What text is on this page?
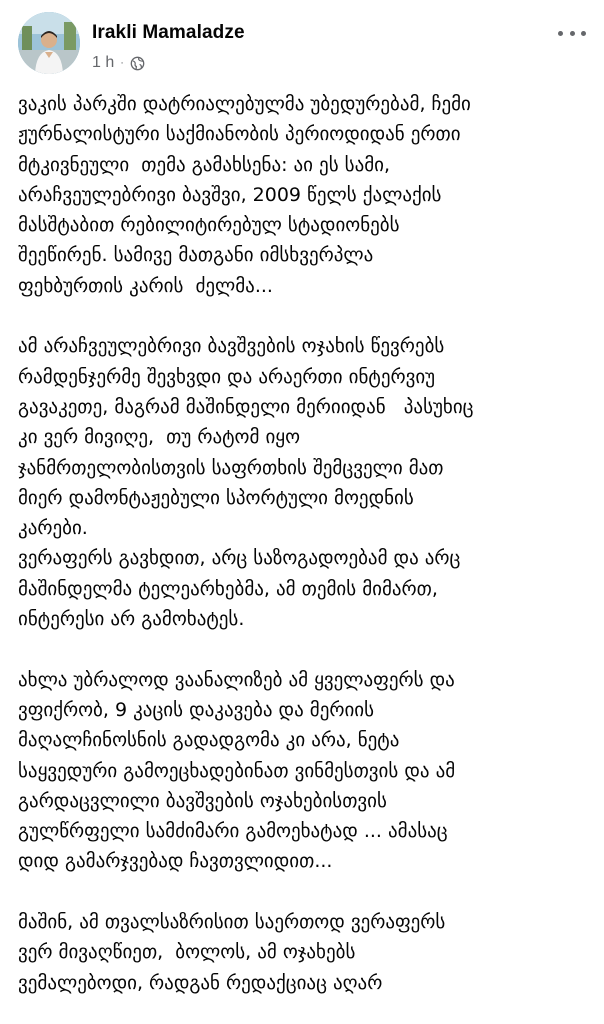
Irakli Mamaladze
1 h ·
ვაკის პარკში დატრიალებულმა უბედურებამ, ჩემი
ჟურნალისტური საქმიანობის პერიოდიდან ერთი
მტკივნეული  თემა გამახსენა: აი ეს სამი,
არაჩვეულებრივი ბავშვი, 2009 წელს ქალაქის
მასშტაბით რებილიტირებულ სტადიონებს
შეეწირენ. სამივე მათგანი იმსხვერპლა
ფეხბურთის კარის  ძელმა...
ამ არაჩვეულებრივი ბავშვების ოჯახის წევრებს
რამდენჯერმე შევხვდი და არაერთი ინტერვიუ
გავაკეთე, მაგრამ მაშინდელი მერიიდან   პასუხიც
კი ვერ მივიღე,  თუ რატომ იყო
ჯანმრთელობისთვის საფრთხის შემცველი მათ
მიერ დამონტაჟებული სპორტული მოედნის
კარები.
ვერაფერს გავხდით, არც საზოგადოებამ და არც
მაშინდელმა ტელეარხებმა, ამ თემის მიმართ,
ინტერესი არ გამოხატეს.
ახლა უბრალოდ ვაანალიზებ ამ ყველაფერს და
ვფიქრობ, 9 კაცის დაკავება და მერიის
მაღალჩინოსნის გადადგომა კი არა, ნეტა
საყვედური გამოეცხადებინათ ვინმესთვის და ამ
გარდაცვლილი ბავშვების ოჯახებისთვის
გულწრფელი სამძიმარი გამოეხატად ... ამასაც
დიდ გამარჯვებად ჩავთვლიდით...
მაშინ, ამ თვალსაზრისით საერთოდ ვერაფერს
ვერ მივაღწიეთ,  ბოლოს, ამ ოჯახებს
ვემალებოდი, რადგან რედაქციაც აღარ
